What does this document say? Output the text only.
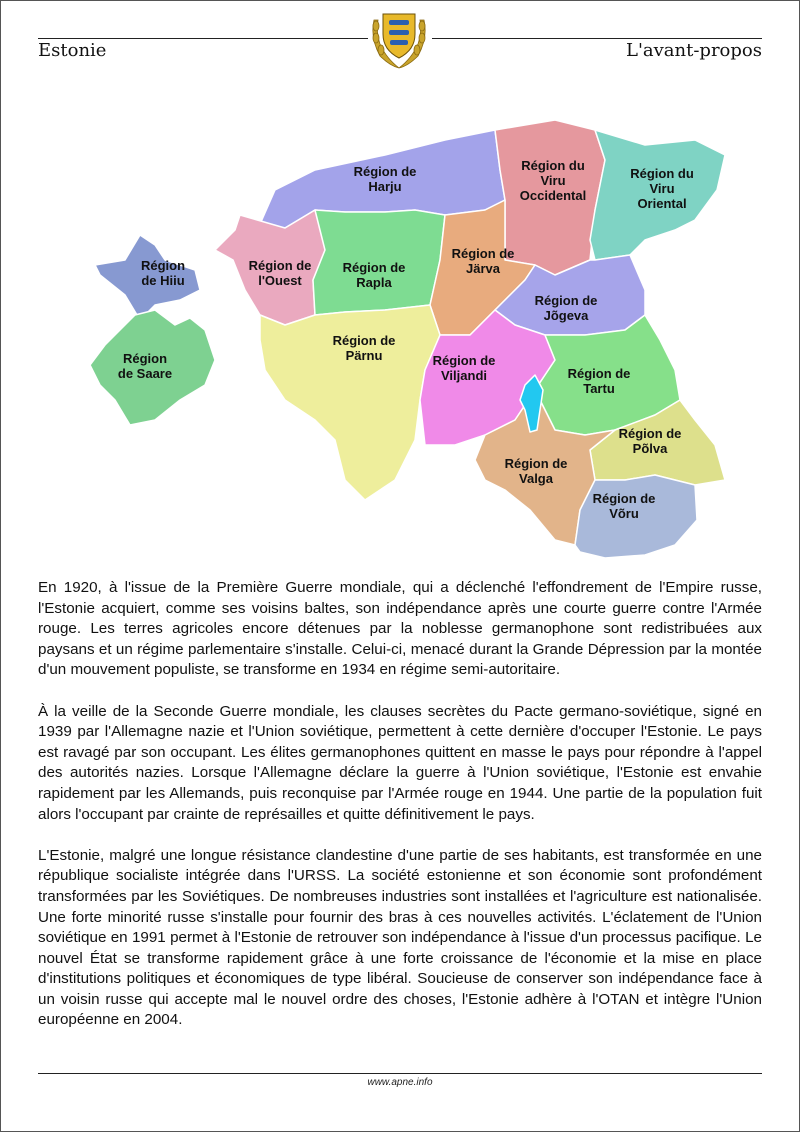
Estonie	L'avant-propos
Région de Harju
Région du Viru Occidental
Région du Viru Oriental
Région de Hiiu
Région de l'Ouest
Région de Rapla
Région de Järva
Région de Jõgeva
Région de Saare
Région de Pärnu	Région de Viljandi	Région de Tartu
Région de Põlva
Région de Valga
Région de Võru

En 1920, à l'issue de la Première Guerre mondiale, qui a déclenché l'effondrement de l'Empire russe, l'Estonie acquiert, comme ses voisins baltes, son indépendance après une courte guerre contre l'Armée rouge. Les terres agricoles encore détenues par la noblesse germanophone sont redistribuées aux paysans et un régime parlementaire s'installe. Celui-ci, menacé durant la Grande Dépression par la montée d'un mouvement populiste, se transforme en 1934 en régime semi-autoritaire.

À la veille de la Seconde Guerre mondiale, les clauses secrètes du Pacte germano-soviétique, signé en 1939 par l'Allemagne nazie et l'Union soviétique, permettent à cette dernière d'occuper l'Estonie. Le pays est ravagé par son occupant. Les élites germanophones quittent en masse le pays pour répondre à l'appel des autorités nazies. Lorsque l'Allemagne déclare la guerre à l'Union soviétique, l'Estonie est envahie rapidement par les Allemands, puis reconquise par l'Armée rouge en 1944. Une partie de la population fuit alors l'occupant par crainte de représailles et quitte définitivement le pays.

L'Estonie, malgré une longue résistance clandestine d'une partie de ses habitants, est transformée en une république socialiste intégrée dans l'URSS. La société estonienne et son économie sont profondément transformées par les Soviétiques. De nombreuses industries sont installées et l'agriculture est nationalisée. Une forte minorité russe s'installe pour fournir des bras à ces nouvelles activités. L'éclatement de l'Union soviétique en 1991 permet à l'Estonie de retrouver son indépendance à l'issue d'un processus pacifique. Le nouvel État se transforme rapidement grâce à une forte croissance de l'économie et la mise en place d'institutions politiques et économiques de type libéral. Soucieuse de conserver son indépendance face à un voisin russe qui accepte mal le nouvel ordre des choses, l'Estonie adhère à l'OTAN et intègre l'Union européenne en 2004.

www.apne.info
